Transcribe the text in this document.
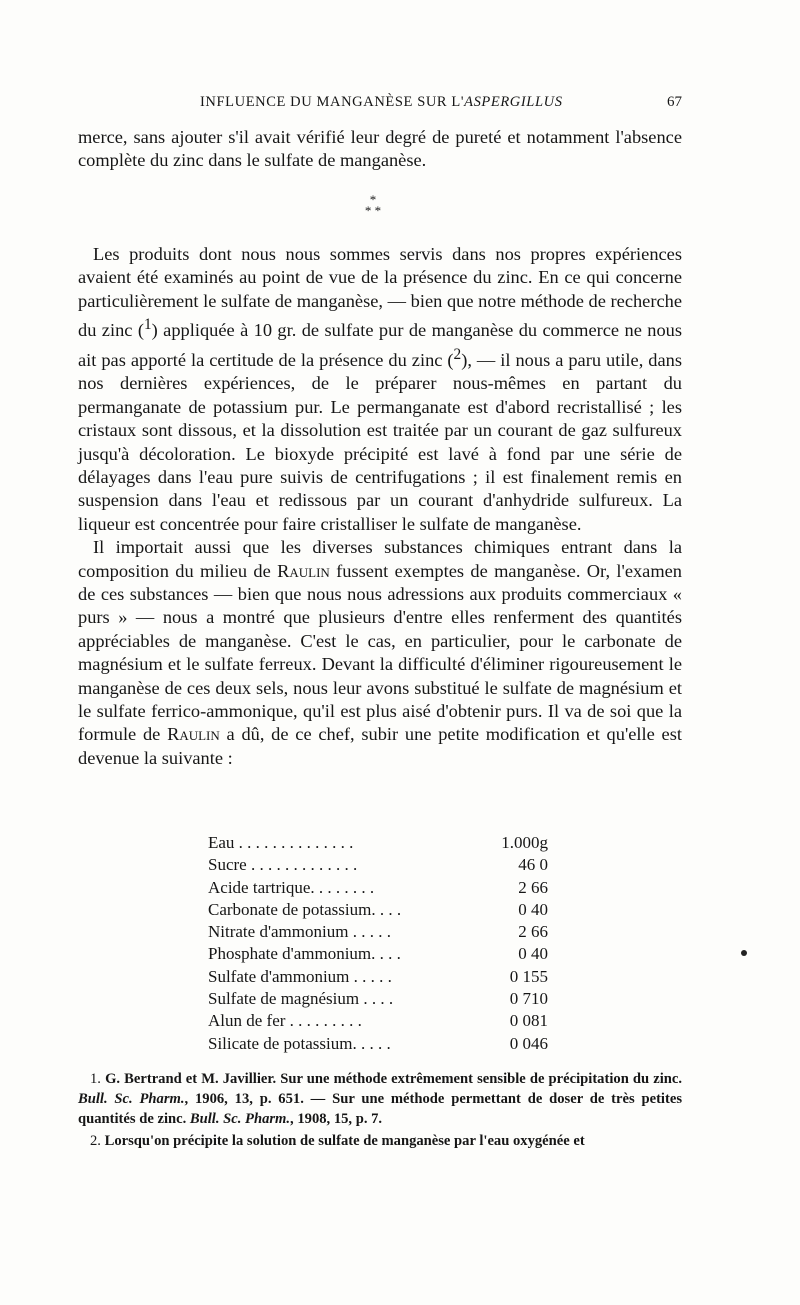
INFLUENCE DU MANGANÈSE SUR L'ASPERGILLUS	67

merce, sans ajouter s'il avait vérifié leur degré de pureté et notamment l'absence complète du zinc dans le sulfate de manganèse.

*
* *

Les produits dont nous nous sommes servis dans nos propres expériences avaient été examinés au point de vue de la présence du zinc. En ce qui concerne particulièrement le sulfate de manganèse, — bien que notre méthode de recherche du zinc ($^1$) appliquée à 10 gr. de sulfate pur de manganèse du commerce ne nous ait pas apporté la certitude de la présence du zinc ($^2$), — il nous a paru utile, dans nos dernières expériences, de le préparer nous-mêmes en partant du permanganate de potassium pur. Le permanganate est d'abord recristallisé ; les cristaux sont dissous, et la dissolution est traitée par un courant de gaz sulfureux jusqu'à décoloration. Le bioxyde précipité est lavé à fond par une série de délayages dans l'eau pure suivis de centrifugations ; il est finalement remis en suspension dans l'eau et redissous par un courant d'anhydride sulfureux. La liqueur est concentrée pour faire cristalliser le sulfate de manganèse.

Il importait aussi que les diverses substances chimiques entrant dans la composition du milieu de Raulin fussent exemptes de manganèse. Or, l'examen de ces substances — bien que nous nous adressions aux produits commerciaux « purs » — nous a montré que plusieurs d'entre elles renferment des quantités appréciables de manganèse. C'est le cas, en particulier, pour le carbonate de magnésium et le sulfate ferreux. Devant la difficulté d'éliminer rigoureusement le manganèse de ces deux sels, nous leur avons substitué le sulfate de magnésium et le sulfate ferrico-ammonique, qu'il est plus aisé d'obtenir purs. Il va de soi que la formule de Raulin a dû, de ce chef, subir une petite modification et qu'elle est devenue la suivante :

Eau . . . . . . . . . . . . . .	1.000g
Sucre . . . . . . . . . . . . .	46 0
Acide tartrique. . . . . . . .	2 66
Carbonate de potassium. . . .	0 40
Nitrate d'ammonium . . . . .	2 66
Phosphate d'ammonium. . . .	0 40
Sulfate d'ammonium . . . . .	0 155
Sulfate de magnésium . . . .	0 710
Alun de fer . . . . . . . . .	0 081
Silicate de potassium. . . . .	0 046

1. G. Bertrand et M. Javillier. Sur une méthode extrêmement sensible de précipitation du zinc. Bull. Sc. Pharm., 1906, 13, p. 651. — Sur une méthode permettant de doser de très petites quantités de zinc. Bull. Sc. Pharm., 1908, 15, p. 7.

2. Lorsqu'on précipite la solution de sulfate de manganèse par l'eau oxygénée et
